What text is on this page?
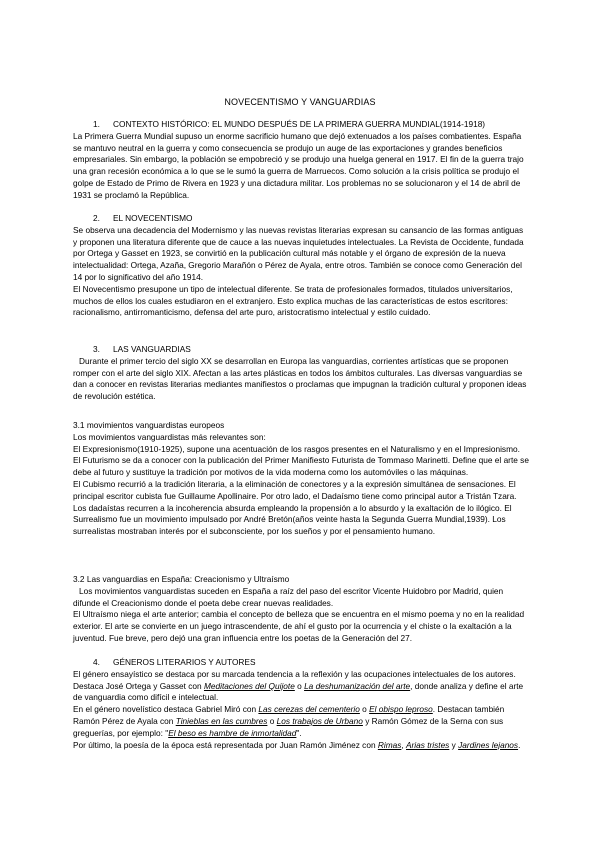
NOVECENTISMO Y VANGUARDIAS
1. CONTEXTO HISTÓRICO: EL MUNDO DESPUÉS DE LA PRIMERA GUERRA MUNDIAL(1914-1918)

La Primera Guerra Mundial supuso un enorme sacrificio humano que dejó extenuados a los países combatientes. España se mantuvo neutral en la guerra y como consecuencia se produjo un auge de las exportaciones y grandes beneficios empresariales. Sin embargo, la población se empobreció y se produjo una huelga general en 1917. El fin de la guerra trajo una gran recesión económica a lo que se le sumó la guerra de Marruecos. Como solución a la crisis política se produjo el golpe de Estado de Primo de Rivera en 1923 y una dictadura militar. Los problemas no se solucionaron y el 14 de abril de 1931 se proclamó la República.

2. EL NOVECENTISMO

Se observa una decadencia del Modernismo y las nuevas revistas literarias expresan su cansancio de las formas antiguas y proponen una literatura diferente que de cauce a las nuevas inquietudes intelectuales. La Revista de Occidente, fundada por Ortega y Gasset en 1923, se convirtió en la publicación cultural más notable y el órgano de expresión de la nueva intelectualidad: Ortega, Azaña, Gregorio Marañón o Pérez de Ayala, entre otros. También se conoce como Generación del 14 por lo significativo del año 1914.

El Novecentismo presupone un tipo de intelectual diferente. Se trata de profesionales formados, titulados universitarios, muchos de ellos los cuales estudiaron en el extranjero. Esto explica muchas de las características de estos escritores: racionalismo, antirromanticismo, defensa del arte puro, aristocratismo intelectual y estilo cuidado.

3. LAS VANGUARDIAS

Durante el primer tercio del siglo XX se desarrollan en Europa las vanguardias, corrientes artísticas que se proponen romper con el arte del siglo XIX. Afectan a las artes plásticas en todos los ámbitos culturales. Las diversas vanguardias se dan a conocer en revistas literarias mediantes manifiestos o proclamas que impugnan la tradición cultural y proponen ideas de revolución estética.

3.1 movimientos vanguardistas europeos

Los movimientos vanguardistas más relevantes son:

El Expresionismo(1910-1925), supone una acentuación de los rasgos presentes en el Naturalismo y en el Impresionismo. El Futurismo se da a conocer con la publicación del Primer Manifiesto Futurista de Tommaso Marinetti. Define que el arte se debe al futuro y sustituye la tradición por motivos de la vida moderna como los automóviles o las máquinas.

El Cubismo recurrió a la tradición literaria, a la eliminación de conectores y a la expresión simultánea de sensaciones. El principal escritor cubista fue Guillaume Apollinaire. Por otro lado, el Dadaísmo tiene como principal autor a Tristán Tzara. Los dadaístas recurren a la incoherencia absurda empleando la propensión a lo absurdo y la exaltación de lo ilógico. El Surrealismo fue un movimiento impulsado por André Bretón(años veinte hasta la Segunda Guerra Mundial,1939). Los surrealistas mostraban interés por el subconsciente, por los sueños y por el pensamiento humano.

3.2 Las vanguardias en España: Creacionismo y Ultraísmo

Los movimientos vanguardistas suceden en España a raíz del paso del escritor Vicente Huidobro por Madrid, quien difunde el Creacionismo donde el poeta debe crear nuevas realidades.

El Ultraísmo niega el arte anterior; cambia el concepto de belleza que se encuentra en el mismo poema y no en la realidad exterior. El arte se convierte en un juego intrascendente, de ahí el gusto por la ocurrencia y el chiste o la exaltación a la juventud. Fue breve, pero dejó una gran influencia entre los poetas de la Generación del 27.

4. GÉNEROS LITERARIOS Y AUTORES

El género ensayístico se destaca por su marcada tendencia a la reflexión y las ocupaciones intelectuales de los autores. Destaca José Ortega y Gasset con Meditaciones del Quijote o La deshumanización del arte, donde analiza y define el arte de vanguardia como difícil e intelectual.

En el género novelístico destaca Gabriel Miró con Las cerezas del cementerio o El obispo leproso. Destacan también Ramón Pérez de Ayala con Tinieblas en las cumbres o Los trabajos de Urbano y Ramón Gómez de la Serna con sus greguerías, por ejemplo: "El beso es hambre de inmortalidad".

Por último, la poesía de la época está representada por Juan Ramón Jiménez con Rimas, Arias tristes y Jardines lejanos.
